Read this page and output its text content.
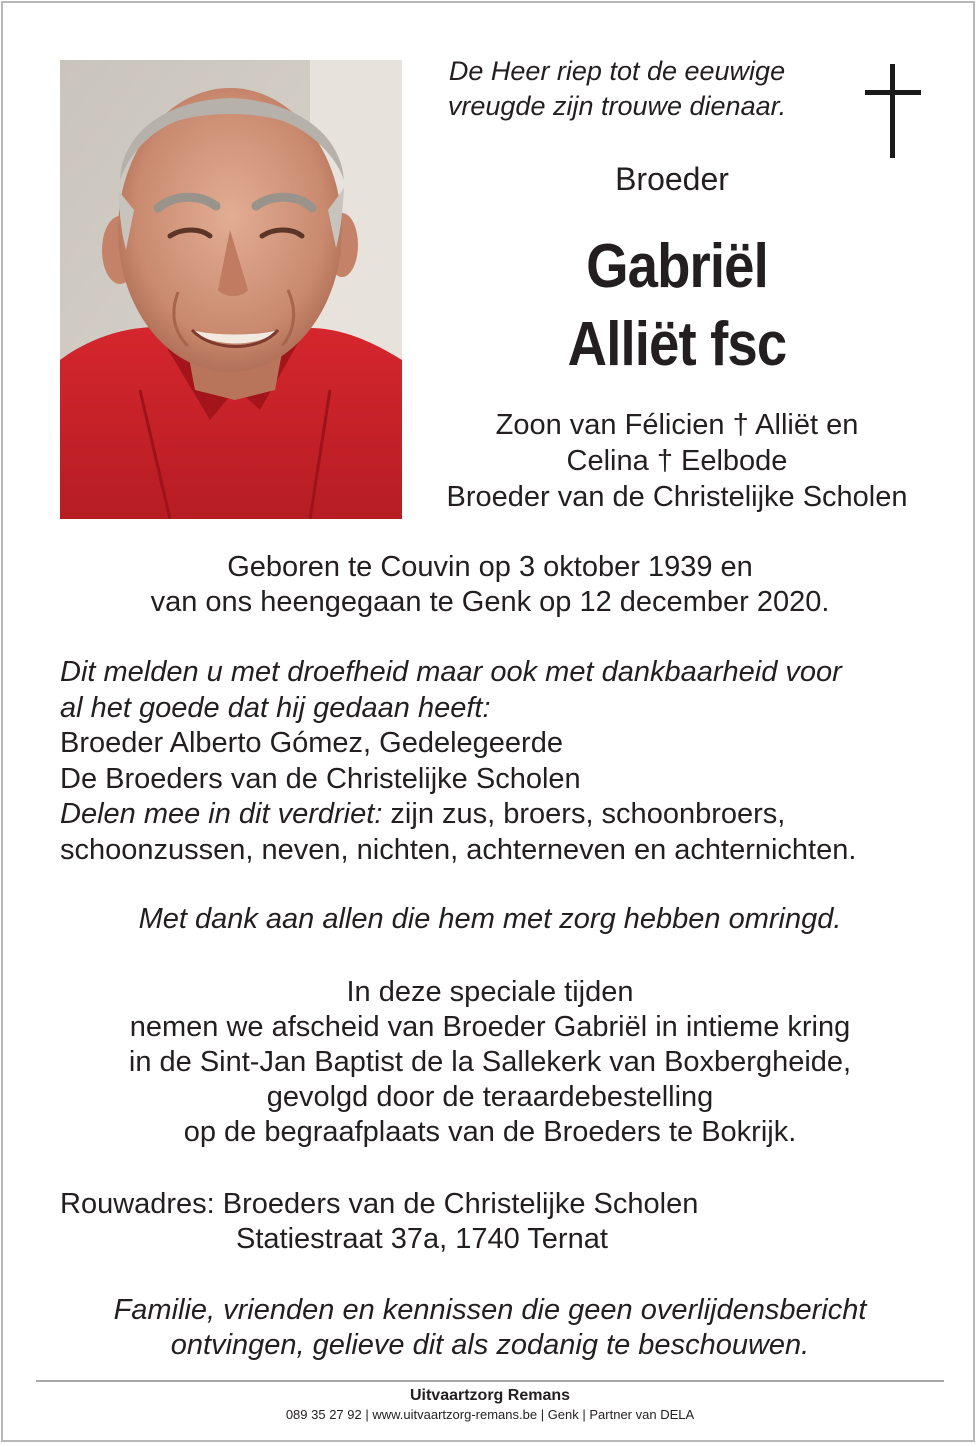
De Heer riep tot de eeuwige
vreugde zijn trouwe dienaar.
Broeder
Gabriël
Alliët fsc
Zoon van Félicien † Alliët en
Celina † Eelbode
Broeder van de Christelijke Scholen
Geboren te Couvin op 3 oktober 1939 en
van ons heengegaan te Genk op 12 december 2020.
Dit melden u met droefheid maar ook met dankbaarheid voor
al het goede dat hij gedaan heeft:
Broeder Alberto Gómez, Gedelegeerde
De Broeders van de Christelijke Scholen
Delen mee in dit verdriet: zijn zus, broers, schoonbroers,
schoonzussen, neven, nichten, achterneven en achternichten.
Met dank aan allen die hem met zorg hebben omringd.
In deze speciale tijden
nemen we afscheid van Broeder Gabriël in intieme kring
in de Sint-Jan Baptist de la Sallekerk van Boxbergheide,
gevolgd door de teraardebestelling
op de begraafplaats van de Broeders te Bokrijk.
Rouwadres: Broeders van de Christelijke Scholen
Statiestraat 37a, 1740 Ternat
Familie, vrienden en kennissen die geen overlijdensbericht
ontvingen, gelieve dit als zodanig te beschouwen.
Uitvaartzorg Remans
089 35 27 92 | www.uitvaartzorg-remans.be | Genk | Partner van DELA
